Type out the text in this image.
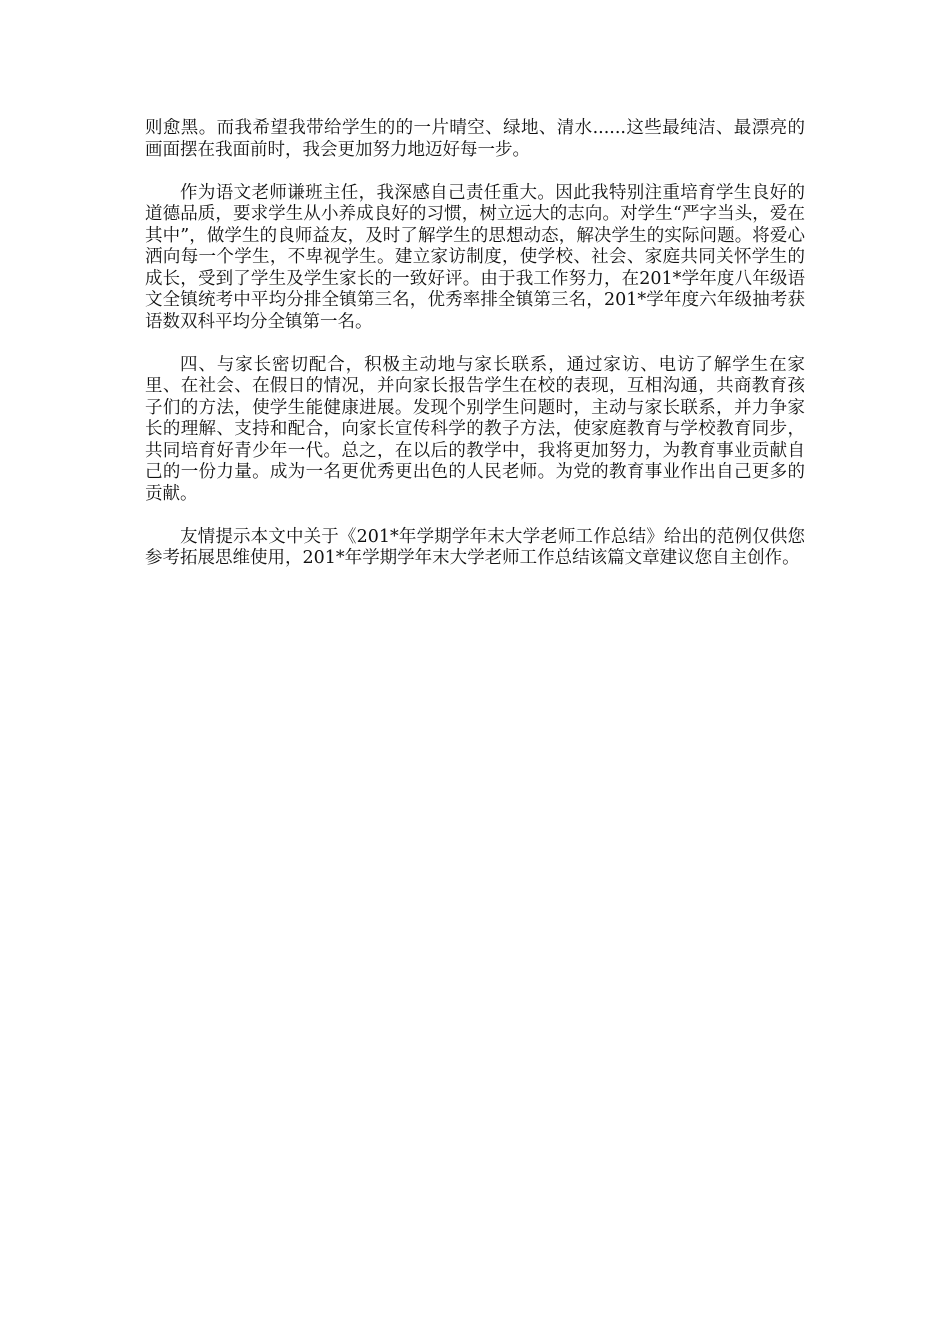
则愈黑。而我希望我带给学生的的一片晴空、绿地、清水......这些最纯洁、最漂亮的画面摆在我面前时，我会更加努力地迈好每一步。

作为语文老师谦班主任，我深感自己责任重大。因此我特别注重培育学生良好的道德品质，要求学生从小养成良好的习惯，树立远大的志向。对学生“严字当头，爱在其中”，做学生的良师益友，及时了解学生的思想动态，解决学生的实际问题。将爱心洒向每一个学生，不卑视学生。建立家访制度，使学校、社会、家庭共同关怀学生的成长，受到了学生及学生家长的一致好评。由于我工作努力，在201*学年度八年级语文全镇统考中平均分排全镇第三名，优秀率排全镇第三名，201*学年度六年级抽考获语数双科平均分全镇第一名。

四、与家长密切配合，积极主动地与家长联系，通过家访、电访了解学生在家里、在社会、在假日的情况，并向家长报告学生在校的表现，互相沟通，共商教育孩子们的方法，使学生能健康进展。发现个别学生问题时，主动与家长联系，并力争家长的理解、支持和配合，向家长宣传科学的教子方法，使家庭教育与学校教育同步，共同培育好青少年一代。总之，在以后的教学中，我将更加努力，为教育事业贡献自己的一份力量。成为一名更优秀更出色的人民老师。为党的教育事业作出自己更多的贡献。

友情提示本文中关于《201*年学期学年末大学老师工作总结》给出的范例仅供您参考拓展思维使用，201*年学期学年末大学老师工作总结该篇文章建议您自主创作。
